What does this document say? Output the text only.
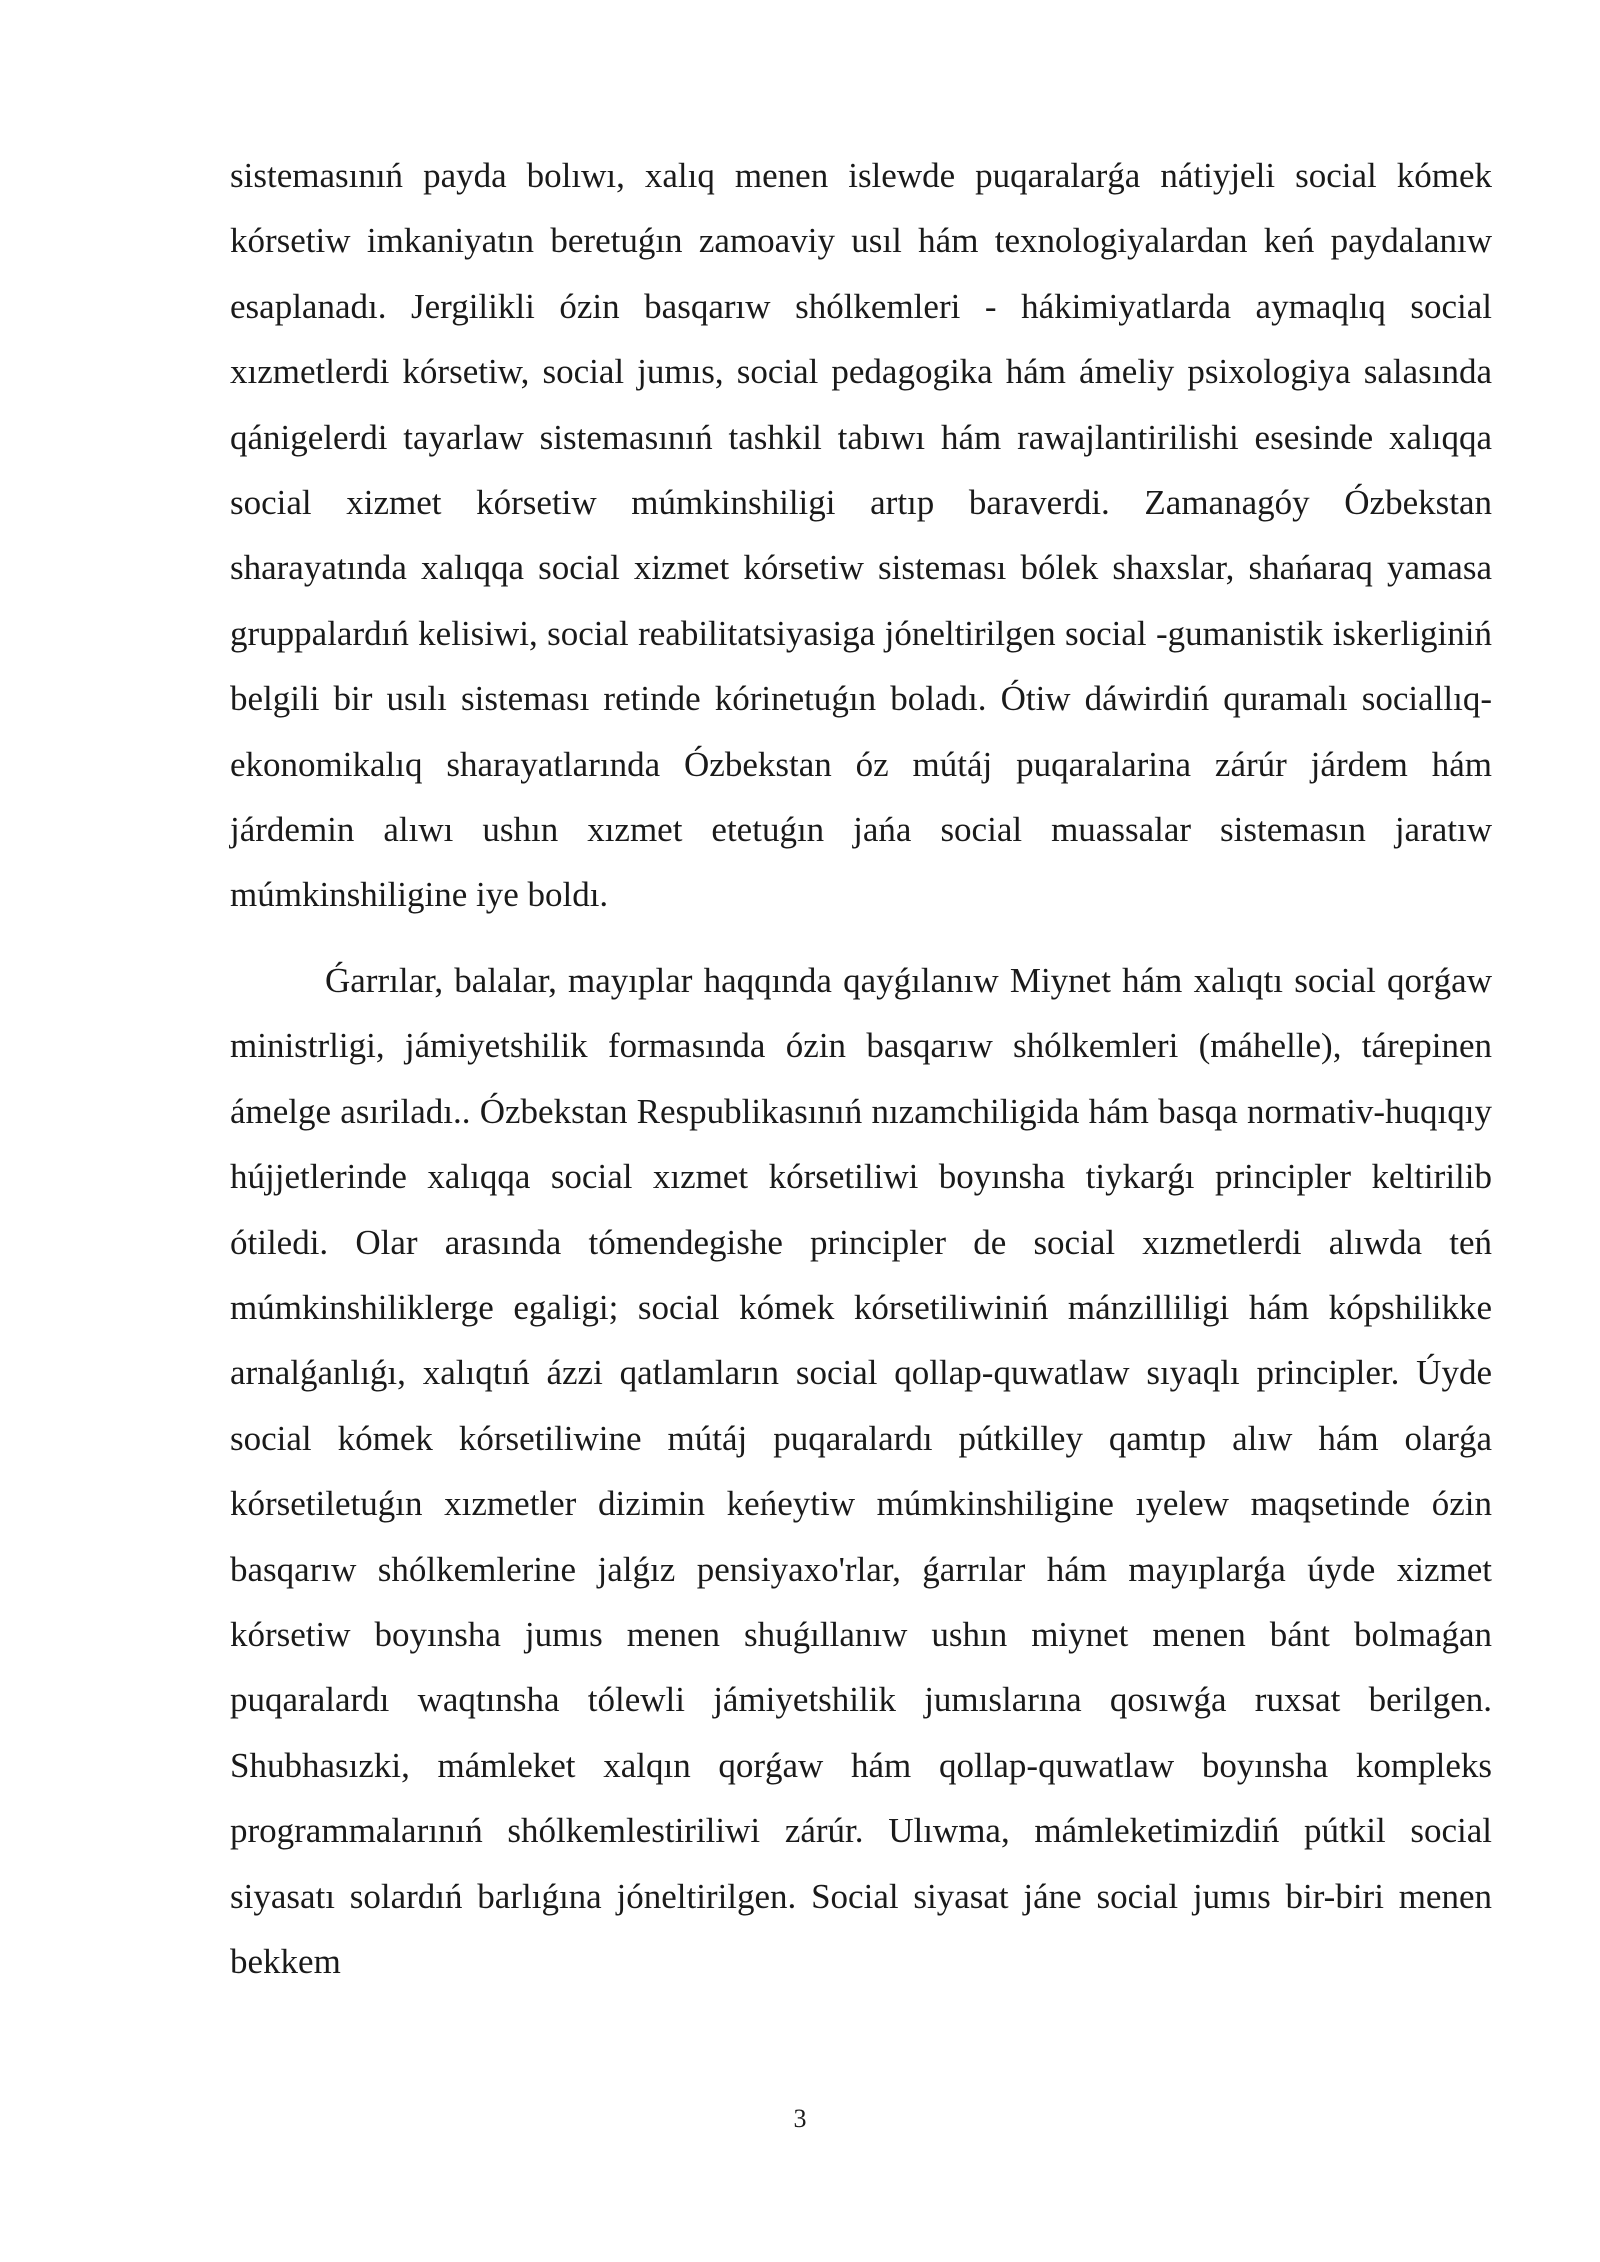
sistemasınıń payda bolıwı, xalıq menen islewde puqaralarǵa nátiyjeli social kómek kórsetiw imkaniyatın beretuǵın zamoaviy usıl hám texnologiyalardan keń paydalanıw esaplanadı. Jergilikli ózin basqarıw shólkemleri - hákimiyatlarda aymaqlıq social xızmetlerdi kórsetiw, social jumıs, social pedagogika hám ámeliy psixologiya salasında qánigelerdi tayarlaw sistemasınıń tashkil tabıwı hám rawajlantirilishi esesinde xalıqqa social xizmet kórsetiw múmkinshiligi artıp baraverdi. Zamanagóy Ózbekstan sharayatında xalıqqa social xizmet kórsetiw sisteması bólek shaxslar, shańaraq yamasa gruppalardıń kelisiwi, social reabilitatsiyasiga jóneltirilgen social -gumanistik iskerliginiń belgili bir usılı sisteması retinde kórinetuǵın boladı. Ótiw dáwirdiń quramalı sociallıq-ekonomikalıq sharayatlarında Ózbekstan óz mútáj puqaralarina zárúr járdem hám járdemin alıwı ushın xızmet etetuǵın jańa social muassalar sistemasın jaratıw múmkinshiligine iye boldı.

Ǵarrılar, balalar, mayıplar haqqında qayǵılanıw Miynet hám xalıqtı social qorǵaw ministrligi, jámiyetshilik formasında ózin basqarıw shólkemleri (máhelle), tárepinen ámelge asıriladı.. Ózbekstan Respublikasınıń nızamchiligida hám basqa normativ-huqıqıy hújjetlerinde xalıqqa social xızmet kórsetiliwi boyınsha tiykarǵı principler keltirilib ótiledi. Olar arasında tómendegishe principler de social xızmetlerdi alıwda teń múmkinshiliklerge egaligi; social kómek kórsetiliwiniń mánzilliligi hám kópshilikke arnalǵanlıǵı, xalıqtıń ázzi qatlamların social qollap-quwatlaw sıyaqlı principler. Úyde social kómek kórsetiliwine mútáj puqaralardı pútkilley qamtıp alıw hám olarǵa kórsetiletuǵın xızmetler dizimin keńeytiw múmkinshiligine ıyelew maqsetinde ózin basqarıw shólkemlerine jalǵız pensiyaxo'rlar, ǵarrılar hám mayıplarǵa úyde xizmet kórsetiw boyınsha jumıs menen shuǵıllanıw ushın miynet menen bánt bolmaǵan puqaralardı waqtınsha tólewli jámiyetshilik jumıslarına qosıwǵa ruxsat berilgen. Shubhasızki, mámleket xalqın qorǵaw hám qollap-quwatlaw boyınsha kompleks programmalarınıń shólkemlestiriliwi zárúr. Ulıwma, mámleketimizdiń pútkil social siyasatı solardıń barlıǵına jóneltirilgen. Social siyasat jáne social jumıs bir-biri menen bekkem

3
